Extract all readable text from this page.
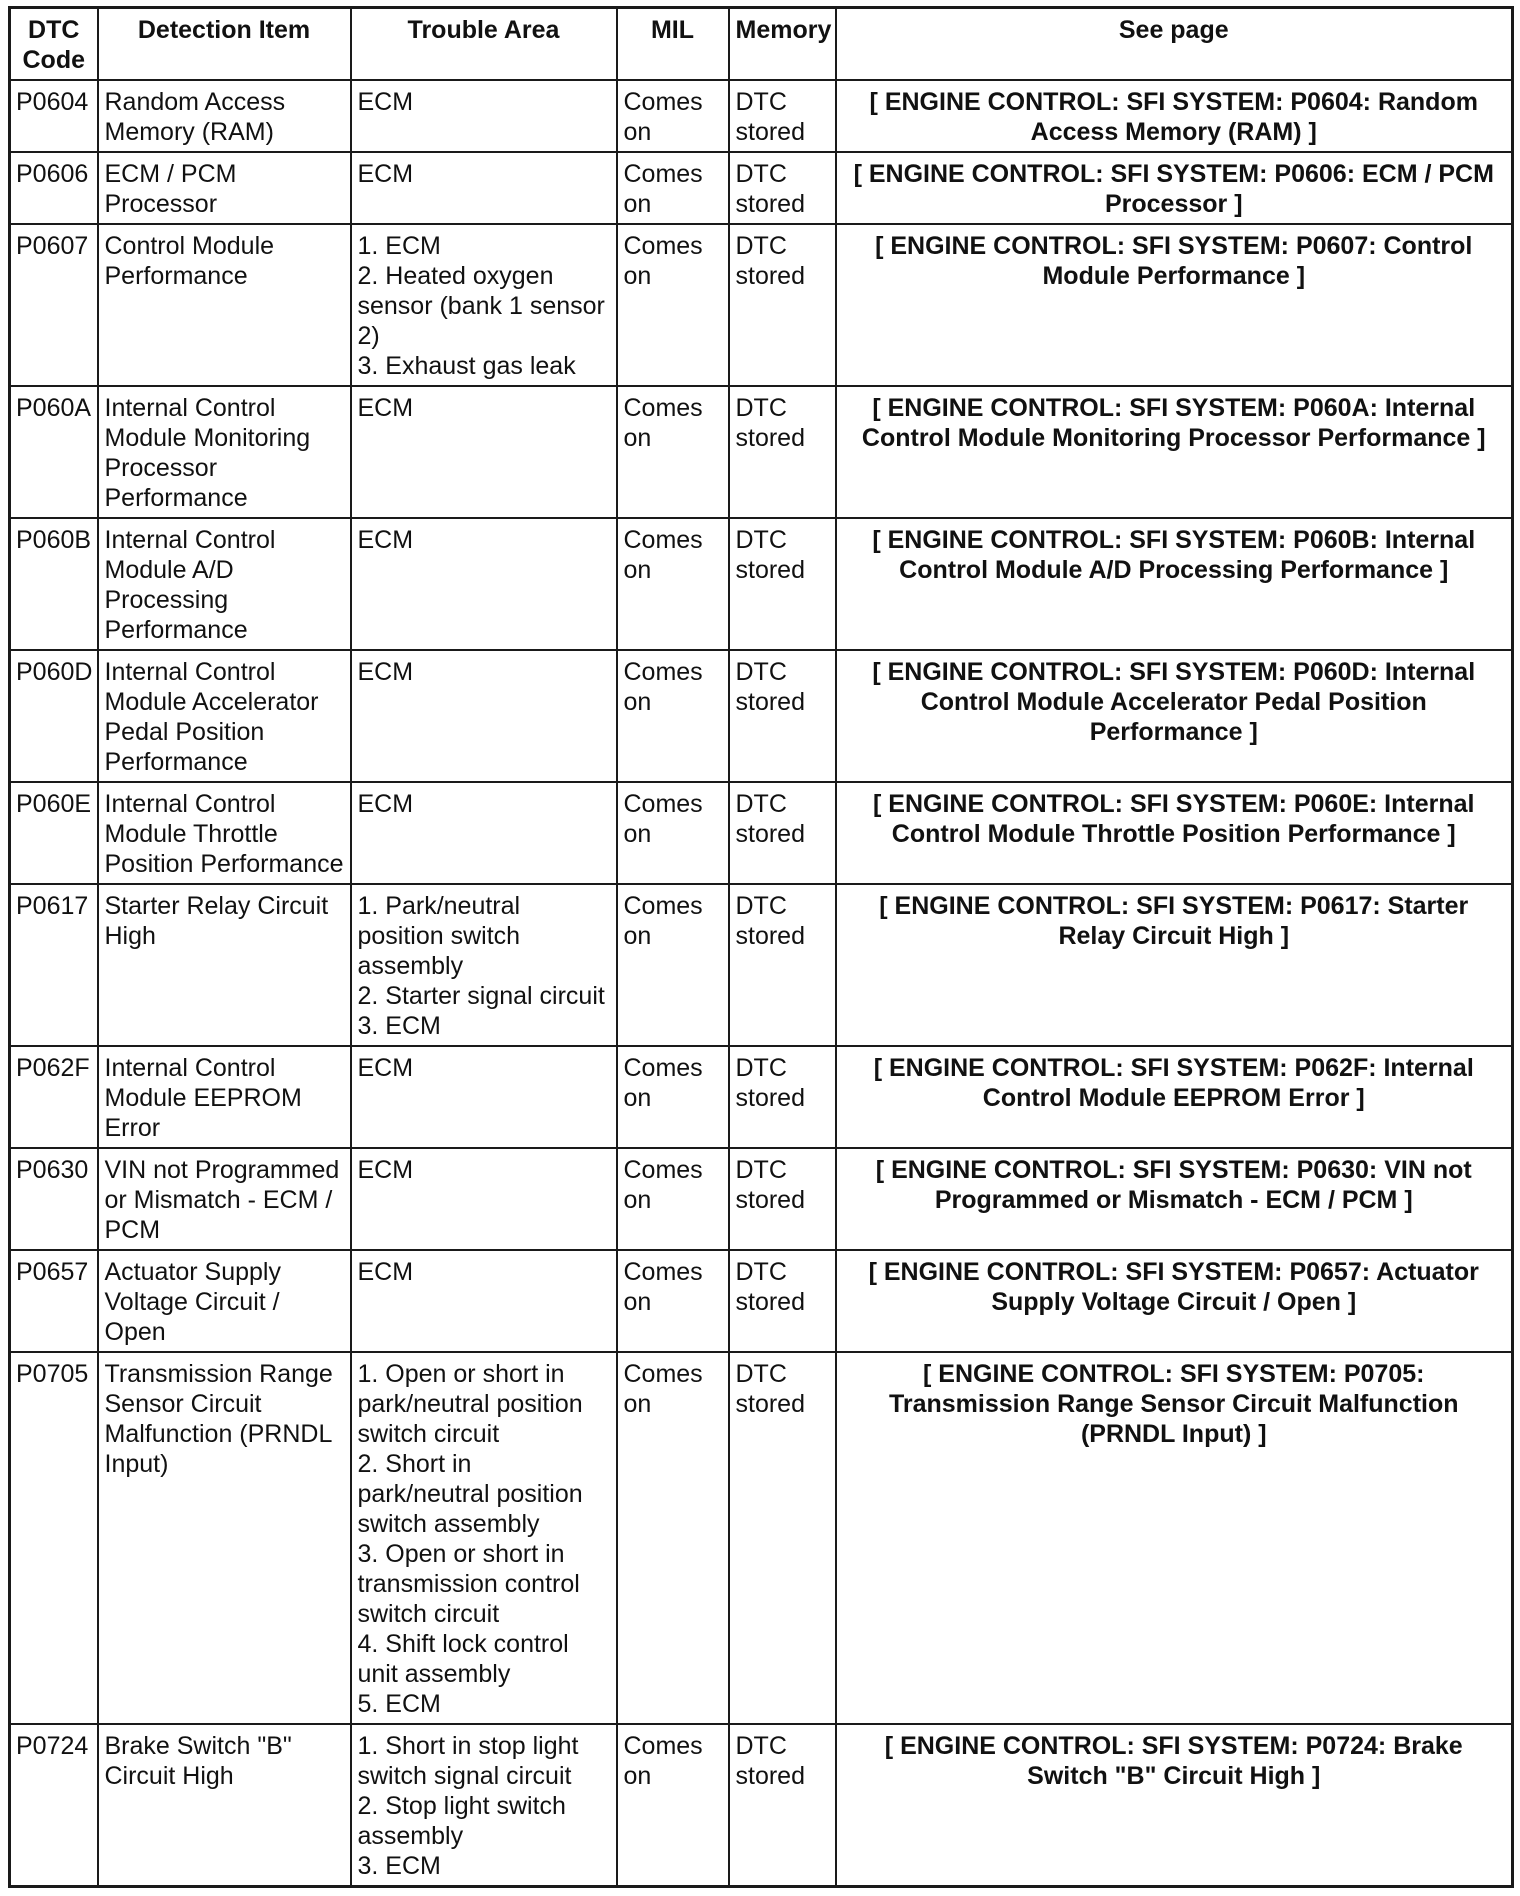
DTC Code	Detection Item	Trouble Area	MIL	Memory	See page
P0604	Random Access Memory (RAM)	ECM	Comes on	DTC stored	[ ENGINE CONTROL: SFI SYSTEM: P0604: Random Access Memory (RAM) ]
P0606	ECM / PCM Processor	ECM	Comes on	DTC stored	[ ENGINE CONTROL: SFI SYSTEM: P0606: ECM / PCM Processor ]
P0607	Control Module Performance	1. ECM
2. Heated oxygen sensor (bank 1 sensor 2)
3. Exhaust gas leak	Comes on	DTC stored	[ ENGINE CONTROL: SFI SYSTEM: P0607: Control Module Performance ]
P060A	Internal Control Module Monitoring Processor Performance	ECM	Comes on	DTC stored	[ ENGINE CONTROL: SFI SYSTEM: P060A: Internal Control Module Monitoring Processor Performance ]
P060B	Internal Control Module A/D Processing Performance	ECM	Comes on	DTC stored	[ ENGINE CONTROL: SFI SYSTEM: P060B: Internal Control Module A/D Processing Performance ]
P060D	Internal Control Module Accelerator Pedal Position Performance	ECM	Comes on	DTC stored	[ ENGINE CONTROL: SFI SYSTEM: P060D: Internal Control Module Accelerator Pedal Position Performance ]
P060E	Internal Control Module Throttle Position Performance	ECM	Comes on	DTC stored	[ ENGINE CONTROL: SFI SYSTEM: P060E: Internal Control Module Throttle Position Performance ]
P0617	Starter Relay Circuit High	1. Park/neutral position switch assembly
2. Starter signal circuit
3. ECM	Comes on	DTC stored	[ ENGINE CONTROL: SFI SYSTEM: P0617: Starter Relay Circuit High ]
P062F	Internal Control Module EEPROM Error	ECM	Comes on	DTC stored	[ ENGINE CONTROL: SFI SYSTEM: P062F: Internal Control Module EEPROM Error ]
P0630	VIN not Programmed or Mismatch - ECM / PCM	ECM	Comes on	DTC stored	[ ENGINE CONTROL: SFI SYSTEM: P0630: VIN not Programmed or Mismatch - ECM / PCM ]
P0657	Actuator Supply Voltage Circuit / Open	ECM	Comes on	DTC stored	[ ENGINE CONTROL: SFI SYSTEM: P0657: Actuator Supply Voltage Circuit / Open ]
P0705	Transmission Range Sensor Circuit Malfunction (PRNDL Input)	1. Open or short in park/neutral position switch circuit
2. Short in park/neutral position switch assembly
3. Open or short in transmission control switch circuit
4. Shift lock control unit assembly
5. ECM	Comes on	DTC stored	[ ENGINE CONTROL: SFI SYSTEM: P0705: Transmission Range Sensor Circuit Malfunction (PRNDL Input) ]
P0724	Brake Switch "B" Circuit High	1. Short in stop light switch signal circuit
2. Stop light switch assembly
3. ECM	Comes on	DTC stored	[ ENGINE CONTROL: SFI SYSTEM: P0724: Brake Switch "B" Circuit High ]
